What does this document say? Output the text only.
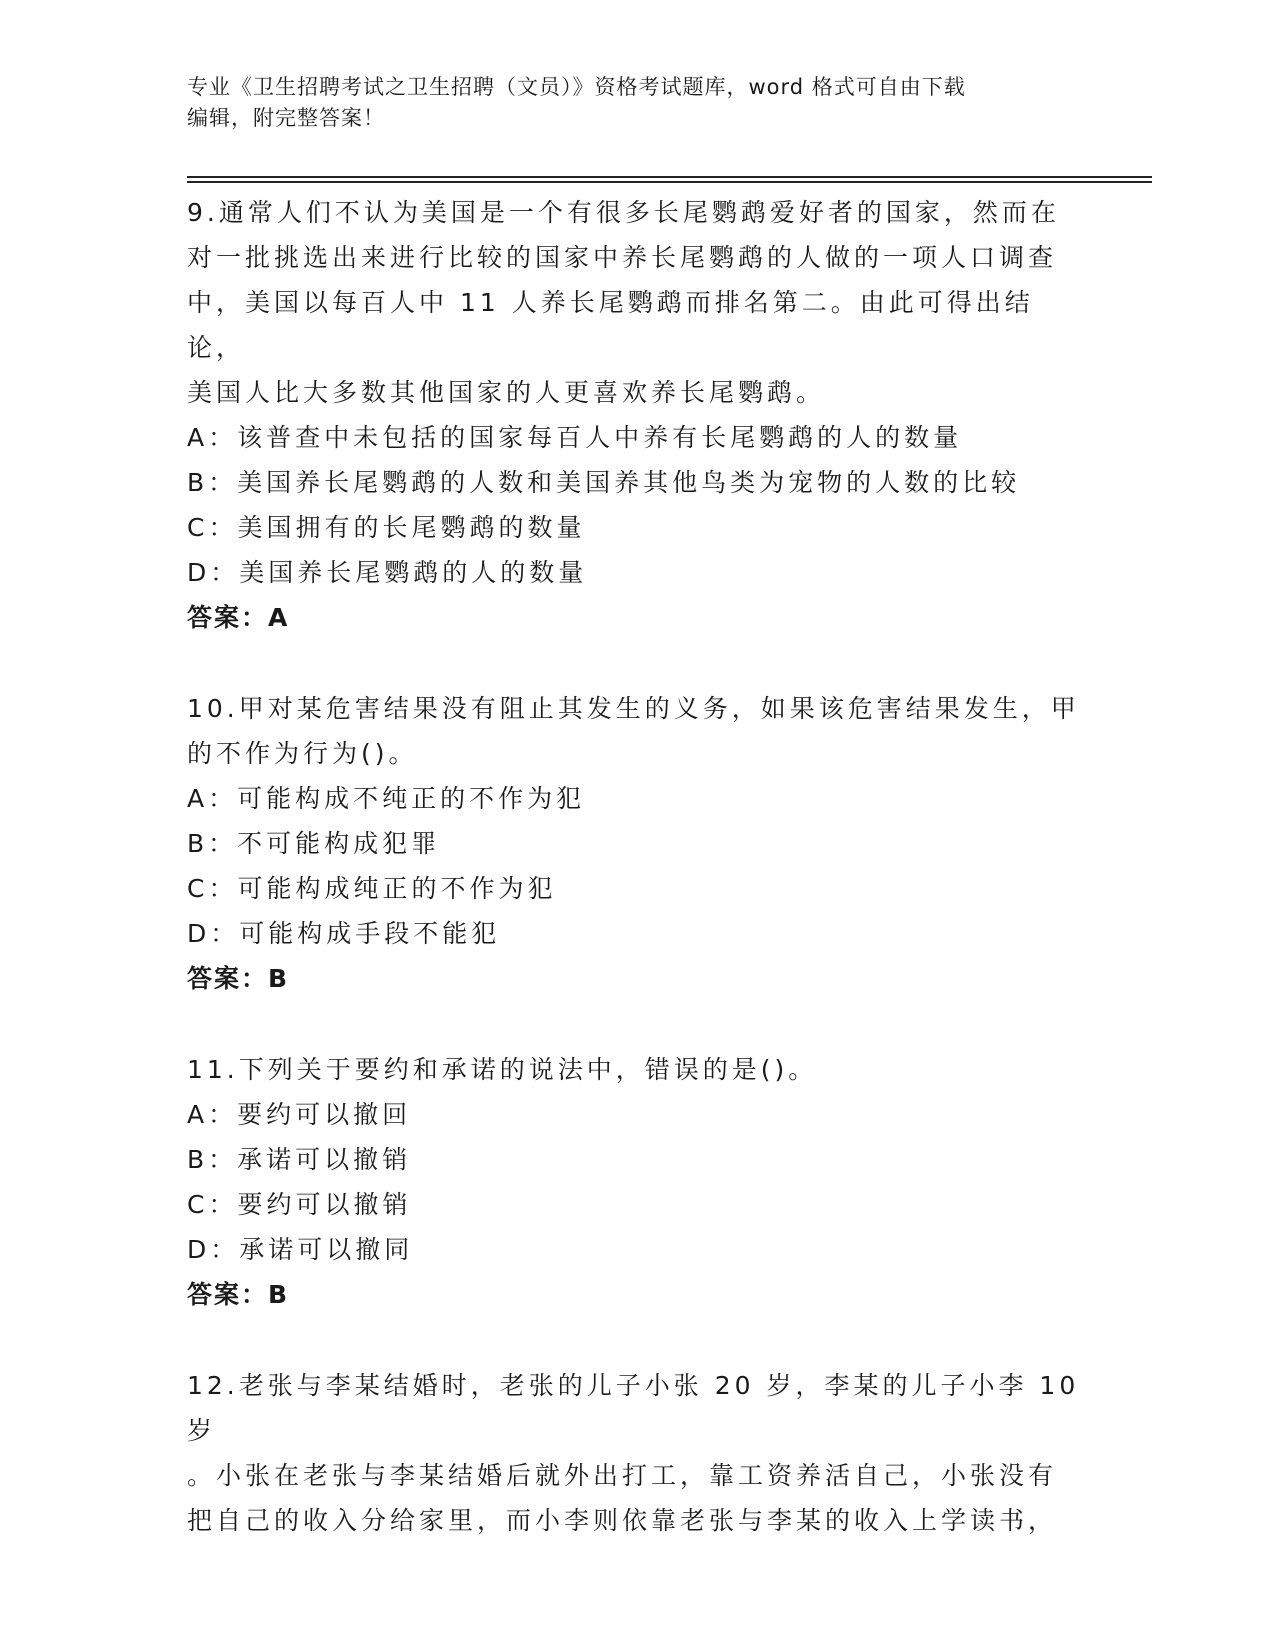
专业《卫生招聘考试之卫生招聘（文员）》资格考试题库，word 格式可自由下载
编辑，附完整答案！

9.通常人们不认为美国是一个有很多长尾鹦鹉爱好者的国家，然而在

对一批挑选出来进行比较的国家中养长尾鹦鹉的人做的一项人口调查

中，美国以每百人中 11 人养长尾鹦鹉而排名第二。由此可得出结论，

美国人比大多数其他国家的人更喜欢养长尾鹦鹉。

A：该普查中未包括的国家每百人中养有长尾鹦鹉的人的数量

B：美国养长尾鹦鹉的人数和美国养其他鸟类为宠物的人数的比较

C：美国拥有的长尾鹦鹉的数量

D：美国养长尾鹦鹉的人的数量

答案：A

10.甲对某危害结果没有阻止其发生的义务，如果该危害结果发生，甲

的不作为行为()。

A：可能构成不纯正的不作为犯

B：不可能构成犯罪

C：可能构成纯正的不作为犯

D：可能构成手段不能犯

答案：B

11.下列关于要约和承诺的说法中，错误的是()。

A：要约可以撤回

B：承诺可以撤销

C：要约可以撤销

D：承诺可以撤同

答案：B

12.老张与李某结婚时，老张的儿子小张 20 岁，李某的儿子小李 10 岁

。小张在老张与李某结婚后就外出打工，靠工资养活自己，小张没有

把自己的收入分给家里，而小李则依靠老张与李某的收入上学读书，
